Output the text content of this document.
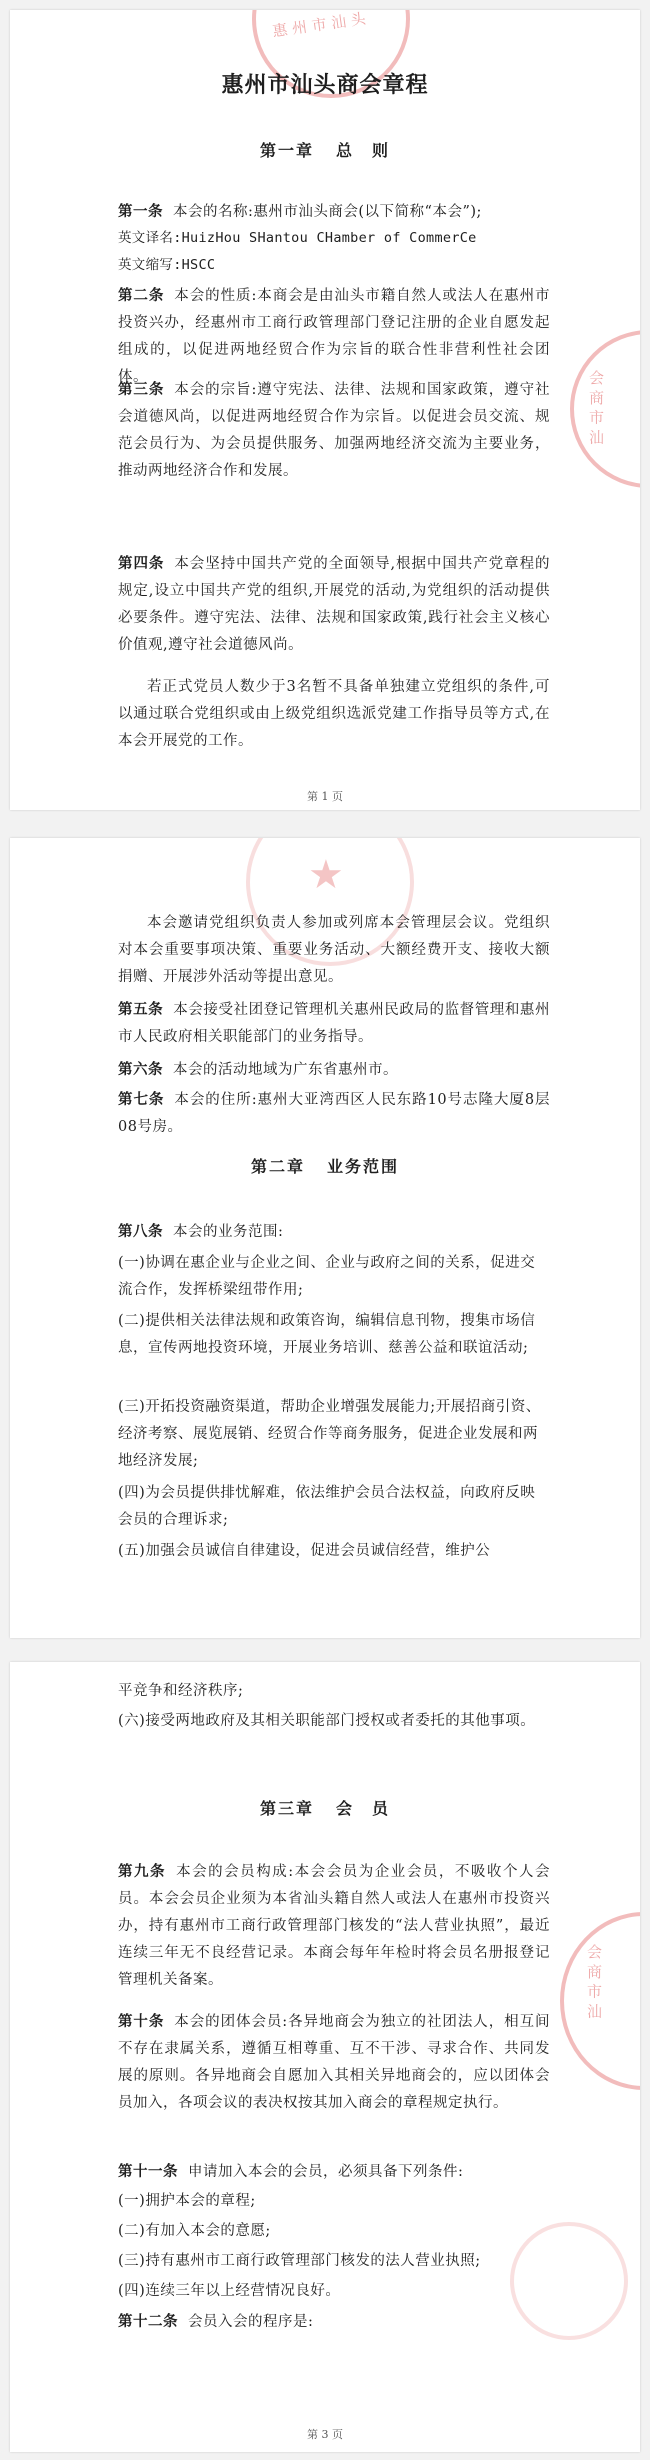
惠 州 市 汕 头
会 商 市 汕
惠州市汕头商会章程
第一章 总　则

第一条 本会的名称:惠州市汕头商会(以下简称“本会”);

英文译名:HuizHou SHantou CHamber of CommerCe

英文缩写:HSCC

第二条 本会的性质:本商会是由汕头市籍自然人或法人在惠州市投资兴办，经惠州市工商行政管理部门登记注册的企业自愿发起组成的，以促进两地经贸合作为宗旨的联合性非营利性社会团体。

第三条 本会的宗旨:遵守宪法、法律、法规和国家政策，遵守社会道德风尚，以促进两地经贸合作为宗旨。以促进会员交流、规范会员行为、为会员提供服务、加强两地经济交流为主要业务，推动两地经济合作和发展。

第四条 本会坚持中国共产党的全面领导,根据中国共产党章程的规定,设立中国共产党的组织,开展党的活动,为党组织的活动提供必要条件。遵守宪法、法律、法规和国家政策,践行社会主义核心价值观,遵守社会道德风尚。

若正式党员人数少于3名暂不具备单独建立党组织的条件,可以通过联合党组织或由上级党组织选派党建工作指导员等方式,在本会开展党的工作。

第 1 页
★

本会邀请党组织负责人参加或列席本会管理层会议。党组织对本会重要事项决策、重要业务活动、大额经费开支、接收大额捐赠、开展涉外活动等提出意见。

第五条 本会接受社团登记管理机关惠州民政局的监督管理和惠州市人民政府相关职能部门的业务指导。

第六条 本会的活动地域为广东省惠州市。

第七条 本会的住所:惠州大亚湾西区人民东路10号志隆大厦8层08号房。

第二章 业务范围

第八条 本会的业务范围:

(一)协调在惠企业与企业之间、企业与政府之间的关系，促进交流合作，发挥桥梁纽带作用;

(二)提供相关法律法规和政策咨询，编辑信息刊物，搜集市场信息，宣传两地投资环境，开展业务培训、慈善公益和联谊活动;

(三)开拓投资融资渠道，帮助企业增强发展能力;开展招商引资、经济考察、展览展销、经贸合作等商务服务，促进企业发展和两地经济发展;

(四)为会员提供排忧解难，依法维护会员合法权益，向政府反映会员的合理诉求;

(五)加强会员诚信自律建设，促进会员诚信经营，维护公

会 商 市 汕

平竞争和经济秩序;

(六)接受两地政府及其相关职能部门授权或者委托的其他事项。

第三章 会　员

第九条 本会的会员构成:本会会员为企业会员，不吸收个人会员。本会会员企业须为本省汕头籍自然人或法人在惠州市投资兴办，持有惠州市工商行政管理部门核发的“法人营业执照”，最近连续三年无不良经营记录。本商会每年年检时将会员名册报登记管理机关备案。

第十条 本会的团体会员:各异地商会为独立的社团法人，相互间不存在隶属关系，遵循互相尊重、互不干涉、寻求合作、共同发展的原则。各异地商会自愿加入其相关异地商会的，应以团体会员加入，各项会议的表决权按其加入商会的章程规定执行。

第十一条 申请加入本会的会员，必须具备下列条件:

(一)拥护本会的章程;

(二)有加入本会的意愿;

(三)持有惠州市工商行政管理部门核发的法人营业执照;

(四)连续三年以上经营情况良好。

第十二条 会员入会的程序是:

第 3 页
